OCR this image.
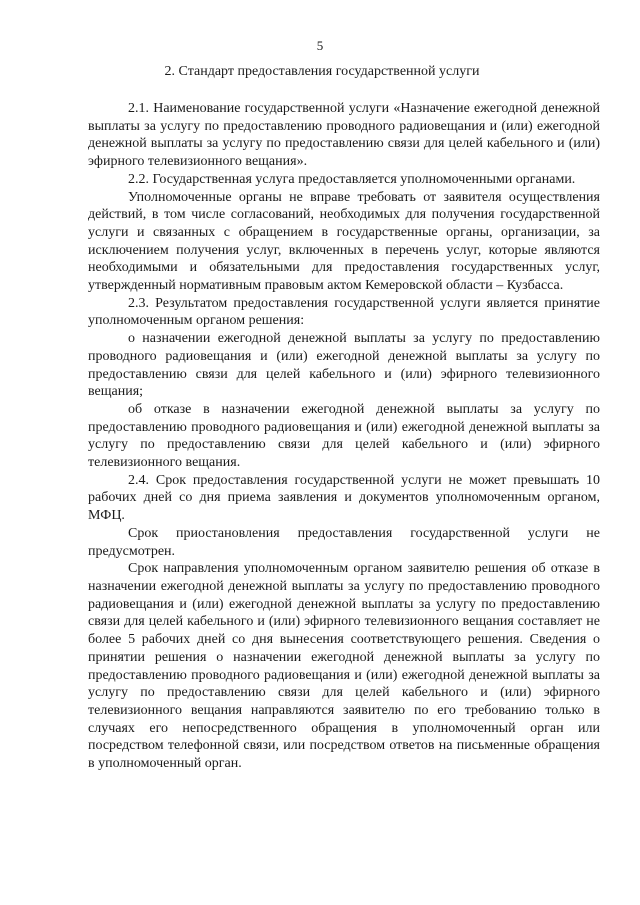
5
2. Стандарт предоставления государственной услуги

2.1. Наименование государственной услуги «Назначение ежегодной денежной выплаты за услугу по предоставлению проводного радиовещания и (или) ежегодной денежной выплаты за услугу по предоставлению связи для целей кабельного и (или) эфирного телевизионного вещания».

2.2. Государственная услуга предоставляется уполномоченными органами.

Уполномоченные органы не вправе требовать от заявителя осуществления действий, в том числе согласований, необходимых для получения государственной услуги и связанных с обращением в государственные органы, организации, за исключением получения услуг, включенных в перечень услуг, которые являются необходимыми и обязательными для предоставления государственных услуг, утвержденный нормативным правовым актом Кемеровской области – Кузбасса.

2.3. Результатом предоставления государственной услуги является принятие уполномоченным органом решения:

о назначении ежегодной денежной выплаты за услугу по предоставлению проводного радиовещания и (или) ежегодной денежной выплаты за услугу по предоставлению связи для целей кабельного и (или) эфирного телевизионного вещания;

об отказе в назначении ежегодной денежной выплаты за услугу по предоставлению проводного радиовещания и (или) ежегодной денежной выплаты за услугу по предоставлению связи для целей кабельного и (или) эфирного телевизионного вещания.

2.4. Срок предоставления государственной услуги не может превышать 10 рабочих дней со дня приема заявления и документов уполномоченным органом, МФЦ.

Срок приостановления предоставления государственной услуги не предусмотрен.

Срок направления уполномоченным органом заявителю решения об отказе в назначении ежегодной денежной выплаты за услугу по предоставлению проводного радиовещания и (или) ежегодной денежной выплаты за услугу по предоставлению связи для целей кабельного и (или) эфирного телевизионного вещания составляет не более 5 рабочих дней со дня вынесения соответствующего решения. Сведения о принятии решения о назначении ежегодной денежной выплаты за услугу по предоставлению проводного радиовещания и (или) ежегодной денежной выплаты за услугу по предоставлению связи для целей кабельного и (или) эфирного телевизионного вещания направляются заявителю по его требованию только в случаях его непосредственного обращения в уполномоченный орган или посредством телефонной связи, или посредством ответов на письменные обращения в уполномоченный орган.
